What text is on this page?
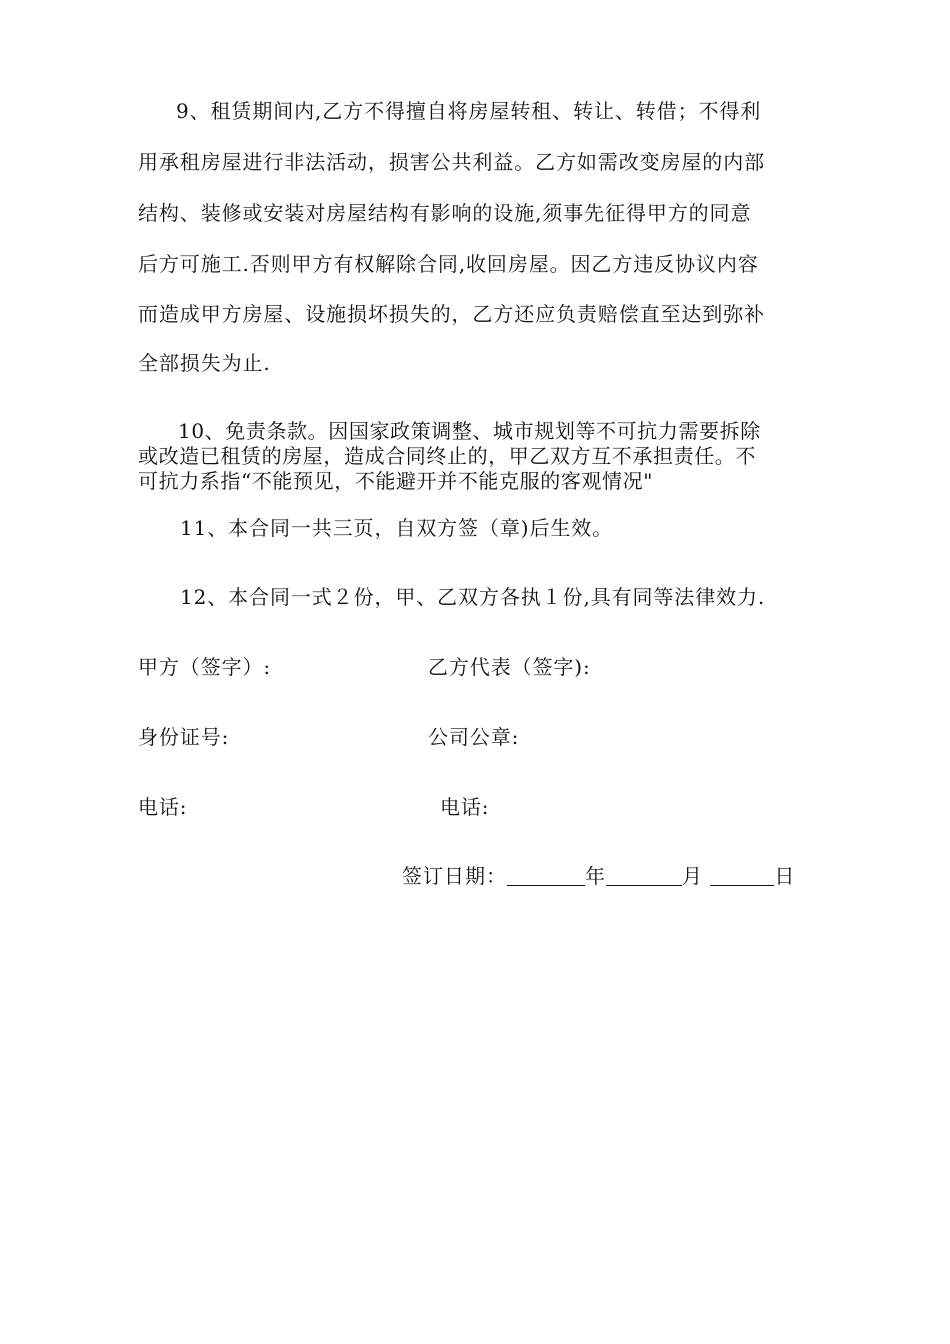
9、租赁期间内,乙方不得擅自将房屋转租、转让、转借；不得利
用承租房屋进行非法活动，损害公共利益。乙方如需改变房屋的内部
结构、装修或安装对房屋结构有影响的设施,须事先征得甲方的同意
后方可施工.否则甲方有权解除合同,收回房屋。因乙方违反协议内容
而造成甲方房屋、设施损坏损失的，乙方还应负责赔偿直至达到弥补
全部损失为止.
10、免责条款。因国家政策调整、城市规划等不可抗力需要拆除
或改造已租赁的房屋，造成合同终止的，甲乙双方互不承担责任。不
可抗力系指“不能预见，不能避开并不能克服的客观情况"
11、本合同一共三页，自双方签（章)后生效。
12、本合同一式２份，甲、乙双方各执１份,具有同等法律效力.
甲方（签字）:	乙方代表（签字):
身份证号:	公司公章:
电话:	电话:
签订日期：	年	月	日
